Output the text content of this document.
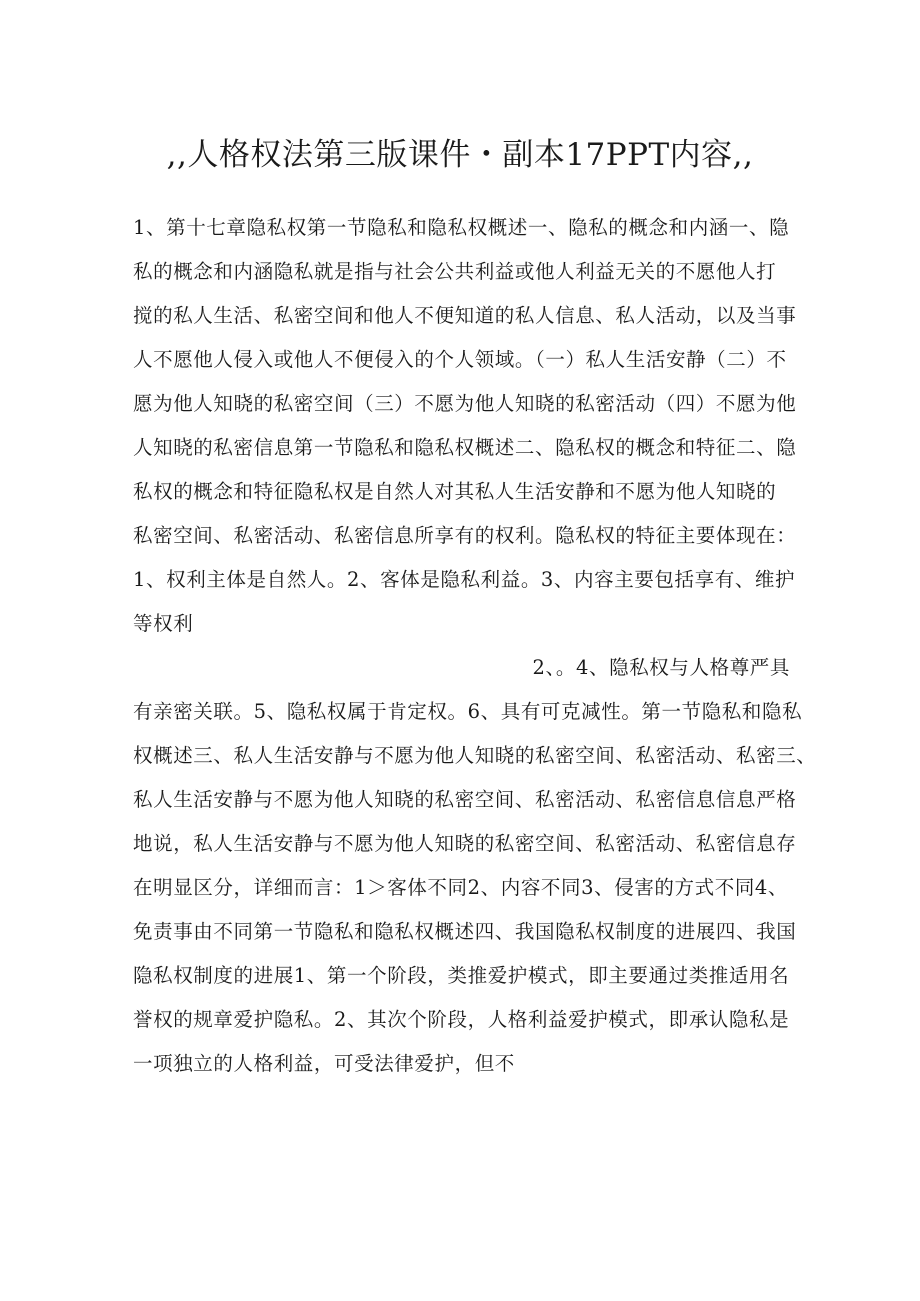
,,人格权法第三版课件・副本17PPT内容,,
1、第十七章隐私权第一节隐私和隐私权概述一、隐私的概念和内涵一、隐
私的概念和内涵隐私就是指与社会公共利益或他人利益无关的不愿他人打
搅的私人生活、私密空间和他人不便知道的私人信息、私人活动，以及当事
人不愿他人侵入或他人不便侵入的个人领域。（一）私人生活安静（二）不
愿为他人知晓的私密空间（三）不愿为他人知晓的私密活动（四）不愿为他
人知晓的私密信息第一节隐私和隐私权概述二、隐私权的概念和特征二、隐
私权的概念和特征隐私权是自然人对其私人生活安静和不愿为他人知晓的
私密空间、私密活动、私密信息所享有的权利。隐私权的特征主要体现在：
1、权利主体是自然人。2、客体是隐私利益。3、内容主要包括享有、维护
等权利
2、。4、隐私权与人格尊严具
有亲密关联。5、隐私权属于肯定权。6、具有可克减性。第一节隐私和隐私
权概述三、私人生活安静与不愿为他人知晓的私密空间、私密活动、私密三、
私人生活安静与不愿为他人知晓的私密空间、私密活动、私密信息信息严格
地说，私人生活安静与不愿为他人知晓的私密空间、私密活动、私密信息存
在明显区分，详细而言：1＞客体不同2、内容不同3、侵害的方式不同4、
免责事由不同第一节隐私和隐私权概述四、我国隐私权制度的进展四、我国
隐私权制度的进展1、第一个阶段，类推爱护模式，即主要通过类推适用名
誉权的规章爱护隐私。2、其次个阶段，人格利益爱护模式，即承认隐私是
一项独立的人格利益，可受法律爱护，但不
